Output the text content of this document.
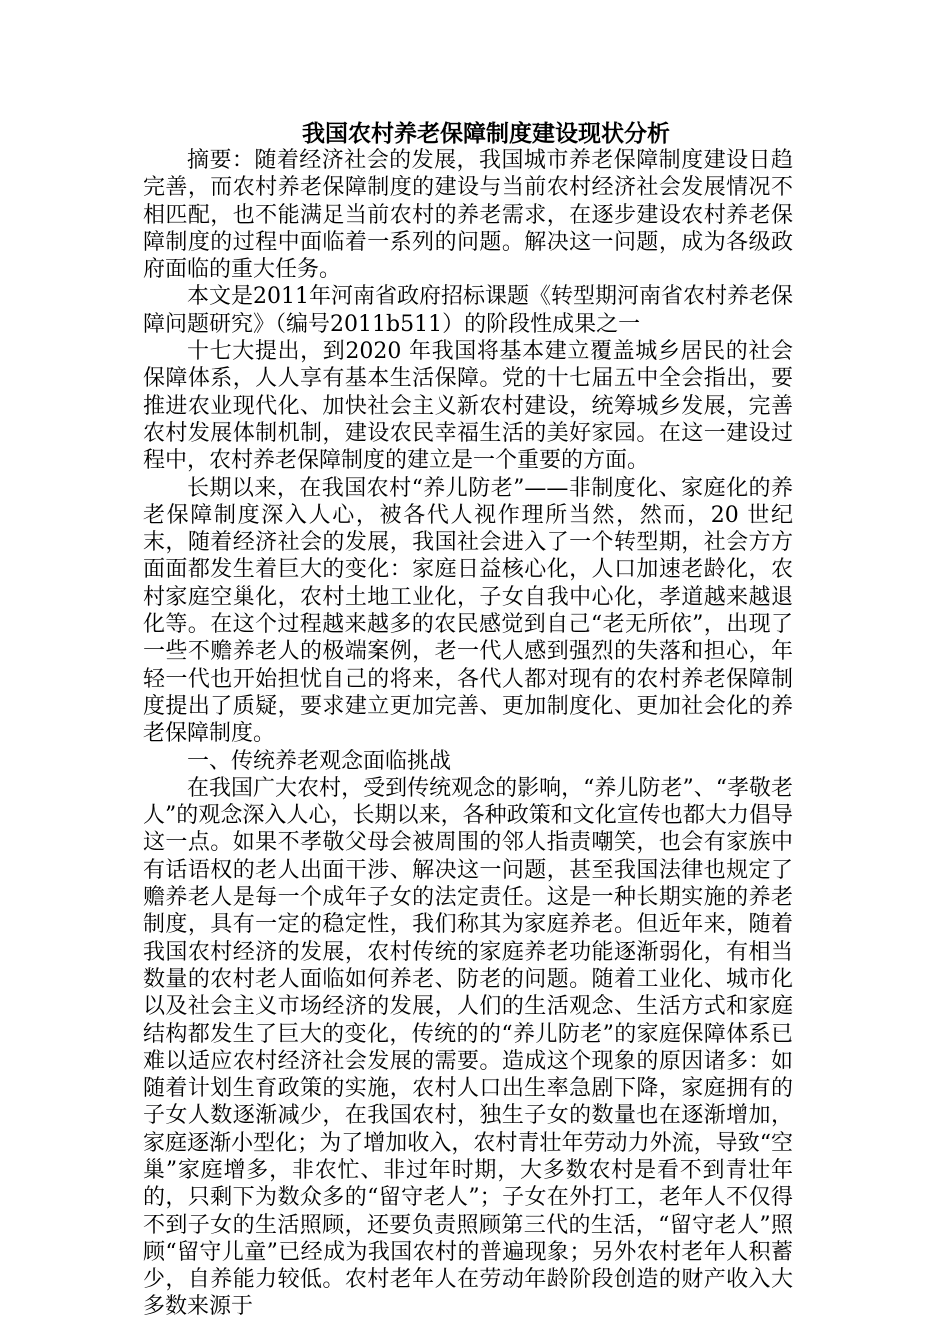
我国农村养老保障制度建设现状分析

摘要：随着经济社会的发展，我国城市养老保障制度建设日趋完善，而农村养老保障制度的建设与当前农村经济社会发展情况不相匹配，也不能满足当前农村的养老需求，在逐步建设农村养老保障制度的过程中面临着一系列的问题。解决这一问题，成为各级政府面临的重大任务。

本文是2011年河南省政府招标课题《转型期河南省农村养老保障问题研究》（编号2011b511）的阶段性成果之一

十七大提出，到2020 年我国将基本建立覆盖城乡居民的社会保障体系，人人享有基本生活保障。党的十七届五中全会指出，要推进农业现代化、加快社会主义新农村建设，统筹城乡发展，完善农村发展体制机制，建设农民幸福生活的美好家园。在这一建设过程中，农村养老保障制度的建立是一个重要的方面。

长期以来，在我国农村“养儿防老”——非制度化、家庭化的养老保障制度深入人心，被各代人视作理所当然，然而，20 世纪末，随着经济社会的发展，我国社会进入了一个转型期，社会方方面面都发生着巨大的变化：家庭日益核心化，人口加速老龄化，农村家庭空巢化，农村土地工业化，子女自我中心化，孝道越来越退化等。在这个过程越来越多的农民感觉到自己“老无所依”，出现了一些不赡养老人的极端案例，老一代人感到强烈的失落和担心，年轻一代也开始担忧自己的将来，各代人都对现有的农村养老保障制度提出了质疑，要求建立更加完善、更加制度化、更加社会化的养老保障制度。

一、传统养老观念面临挑战

在我国广大农村，受到传统观念的影响，“养儿防老”、“孝敬老人”的观念深入人心，长期以来，各种政策和文化宣传也都大力倡导这一点。如果不孝敬父母会被周围的邻人指责嘲笑，也会有家族中有话语权的老人出面干涉、解决这一问题，甚至我国法律也规定了赡养老人是每一个成年子女的法定责任。这是一种长期实施的养老制度，具有一定的稳定性，我们称其为家庭养老。但近年来，随着我国农村经济的发展，农村传统的家庭养老功能逐渐弱化，有相当数量的农村老人面临如何养老、防老的问题。随着工业化、城市化以及社会主义市场经济的发展，人们的生活观念、生活方式和家庭结构都发生了巨大的变化，传统的的“养儿防老”的家庭保障体系已难以适应农村经济社会发展的需要。造成这个现象的原因诸多：如随着计划生育政策的实施，农村人口出生率急剧下降，家庭拥有的子女人数逐渐减少，在我国农村，独生子女的数量也在逐渐增加，家庭逐渐小型化；为了增加收入，农村青壮年劳动力外流，导致“空巢”家庭增多，非农忙、非过年时期，大多数农村是看不到青壮年的，只剩下为数众多的“留守老人”；子女在外打工，老年人不仅得不到子女的生活照顾，还要负责照顾第三代的生活，“留守老人”照顾“留守儿童”已经成为我国农村的普遍现象；另外农村老年人积蓄少，自养能力较低。农村老年人在劳动年龄阶段创造的财产收入大多数来源于
